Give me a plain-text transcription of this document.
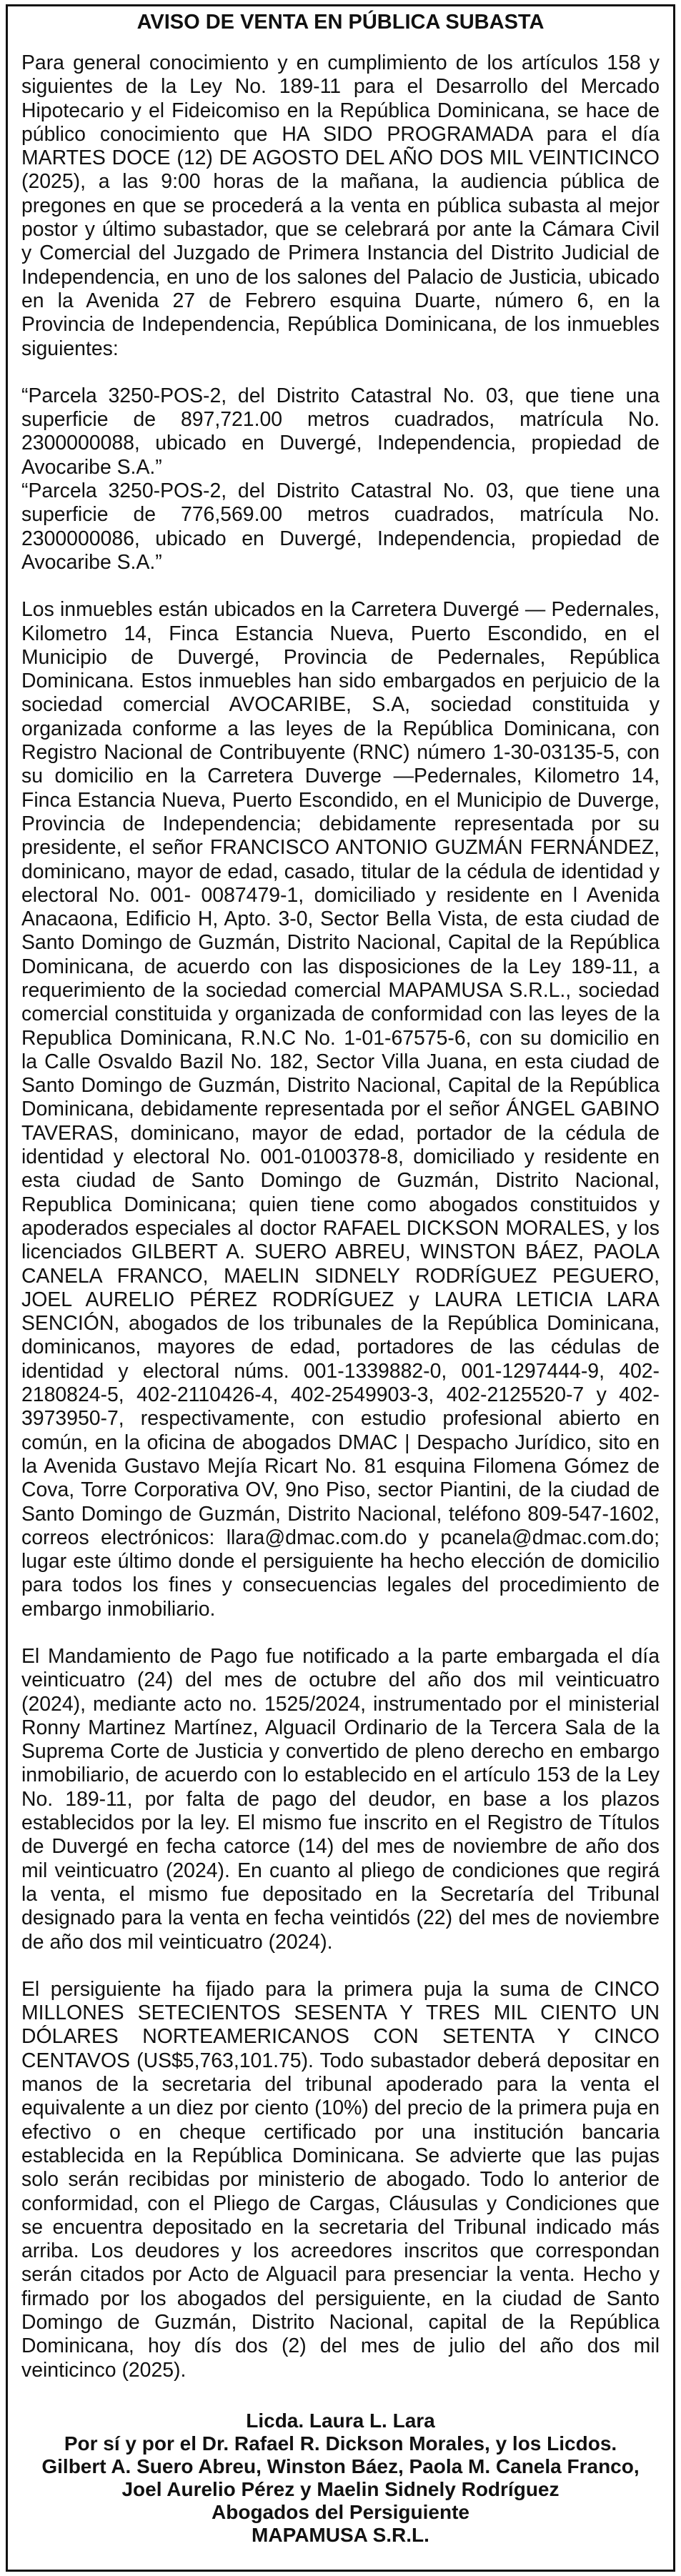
AVISO DE VENTA EN PÚBLICA SUBASTA

Para general conocimiento y en cumplimiento de los artículos 158 y siguientes de la Ley No. 189-11 para el Desarrollo del Mercado Hipotecario y el Fideicomiso en la República Dominicana, se hace de público conocimiento que HA SIDO PROGRAMADA para el día MARTES DOCE (12) DE AGOSTO DEL AÑO DOS MIL VEINTICINCO (2025), a las 9:00 horas de la mañana, la audiencia pública de pregones en que se procederá a la venta en pública subasta al mejor postor y último subastador, que se celebrará por ante la Cámara Civil y Comercial del Juzgado de Primera Instancia del Distrito Judicial de Independencia, en uno de los salones del Palacio de Justicia, ubicado en la Avenida 27 de Febrero esquina Duarte, número 6, en la Provincia de Independencia, República Dominicana, de los inmuebles siguientes:

“Parcela 3250-POS-2, del Distrito Catastral No. 03, que tiene una superficie de 897,721.00 metros cuadrados, matrícula No. 2300000088, ubicado en Duvergé, Independencia, propiedad de Avocaribe S.A.”

“Parcela 3250-POS-2, del Distrito Catastral No. 03, que tiene una superficie de 776,569.00 metros cuadrados, matrícula No. 2300000086, ubicado en Duvergé, Independencia, propiedad de Avocaribe S.A.”

Los inmuebles están ubicados en la Carretera Duvergé — Pedernales, Kilometro 14, Finca Estancia Nueva, Puerto Escondido, en el Municipio de Duvergé, Provincia de Pedernales, República Dominicana. Estos inmuebles han sido embargados en perjuicio de la sociedad comercial AVOCARIBE, S.A, sociedad constituida y organizada conforme a las leyes de la República Dominicana, con Registro Nacional de Contribuyente (RNC) número 1-30-03135-5, con su domicilio en la Carretera Duverge —Pedernales, Kilometro 14, Finca Estancia Nueva, Puerto Escondido, en el Municipio de Duverge, Provincia de Independencia; debidamente representada por su presidente, el señor FRANCISCO ANTONIO GUZMÁN FERNÁNDEZ, dominicano, mayor de edad, casado, titular de la cédula de identidad y electoral No. 001- 0087479-1, domiciliado y residente en l Avenida Anacaona, Edificio H, Apto. 3-0, Sector Bella Vista, de esta ciudad de Santo Domingo de Guzmán, Distrito Nacional, Capital de la República Dominicana, de acuerdo con las disposiciones de la Ley 189-11, a requerimiento de la sociedad comercial MAPAMUSA S.R.L., sociedad comercial constituida y organizada de conformidad con las leyes de la Republica Dominicana, R.N.C No. 1-01-67575-6, con su domicilio en la Calle Osvaldo Bazil No. 182, Sector Villa Juana, en esta ciudad de Santo Domingo de Guzmán, Distrito Nacional, Capital de la República Dominicana, debidamente representada por el señor ÁNGEL GABINO TAVERAS, dominicano, mayor de edad, portador de la cédula de identidad y electoral No. 001-0100378-8, domiciliado y residente en esta ciudad de Santo Domingo de Guzmán, Distrito Nacional, Republica Dominicana; quien tiene como abogados constituidos y apoderados especiales al doctor RAFAEL DICKSON MORALES, y los licenciados GILBERT A. SUERO ABREU, WINSTON BÁEZ, PAOLA CANELA FRANCO, MAELIN SIDNELY RODRÍGUEZ PEGUERO, JOEL AURELIO PÉREZ RODRÍGUEZ y LAURA LETICIA LARA SENCIÓN, abogados de los tribunales de la República Dominicana, dominicanos, mayores de edad, portadores de las cédulas de identidad y electoral núms. 001-1339882-0, 001-1297444-9, 402-2180824-5, 402-2110426-4, 402-2549903-3, 402-2125520-7 y 402- 3973950-7, respectivamente, con estudio profesional abierto en común, en la oficina de abogados DMAC | Despacho Jurídico, sito en la Avenida Gustavo Mejía Ricart No. 81 esquina Filomena Gómez de Cova, Torre Corporativa OV, 9no Piso, sector Piantini, de la ciudad de Santo Domingo de Guzmán, Distrito Nacional, teléfono 809-547-1602, correos electrónicos: llara@dmac.com.do y pcanela@dmac.com.do; lugar este último donde el persiguiente ha hecho elección de domicilio para todos los fines y consecuencias legales del procedimiento de embargo inmobiliario.

El Mandamiento de Pago fue notificado a la parte embargada el día veinticuatro (24) del mes de octubre del año dos mil veinticuatro (2024), mediante acto no. 1525/2024, instrumentado por el ministerial Ronny Martinez Martínez, Alguacil Ordinario de la Tercera Sala de la Suprema Corte de Justicia y convertido de pleno derecho en embargo inmobiliario, de acuerdo con lo establecido en el artículo 153 de la Ley No. 189-11, por falta de pago del deudor, en base a los plazos establecidos por la ley. El mismo fue inscrito en el Registro de Títulos de Duvergé en fecha catorce (14) del mes de noviembre de año dos mil veinticuatro (2024). En cuanto al pliego de condiciones que regirá la venta, el mismo fue depositado en la Secretaría del Tribunal designado para la venta en fecha veintidós (22) del mes de noviembre de año dos mil veinticuatro (2024).

El persiguiente ha fijado para la primera puja la suma de CINCO MILLONES SETECIENTOS SESENTA Y TRES MIL CIENTO UN DÓLARES NORTEAMERICANOS CON SETENTA Y CINCO CENTAVOS (US$5,763,101.75). Todo subastador deberá depositar en manos de la secretaria del tribunal apoderado para la venta el equivalente a un diez por ciento (10%) del precio de la primera puja en efectivo o en cheque certificado por una institución bancaria establecida en la República Dominicana. Se advierte que las pujas solo serán recibidas por ministerio de abogado. Todo lo anterior de conformidad, con el Pliego de Cargas, Cláusulas y Condiciones que se encuentra depositado en la secretaria del Tribunal indicado más arriba. Los deudores y los acreedores inscritos que correspondan serán citados por Acto de Alguacil para presenciar la venta. Hecho y firmado por los abogados del persiguiente, en la ciudad de Santo Domingo de Guzmán, Distrito Nacional, capital de la República Dominicana, hoy dís dos (2) del mes de julio del año dos mil veinticinco (2025).

Licda. Laura L. Lara
Por sí y por el Dr. Rafael R. Dickson Morales, y los Licdos.
Gilbert A. Suero Abreu, Winston Báez, Paola M. Canela Franco,
Joel Aurelio Pérez y Maelin Sidnely Rodríguez
Abogados del Persiguiente
MAPAMUSA S.R.L.
